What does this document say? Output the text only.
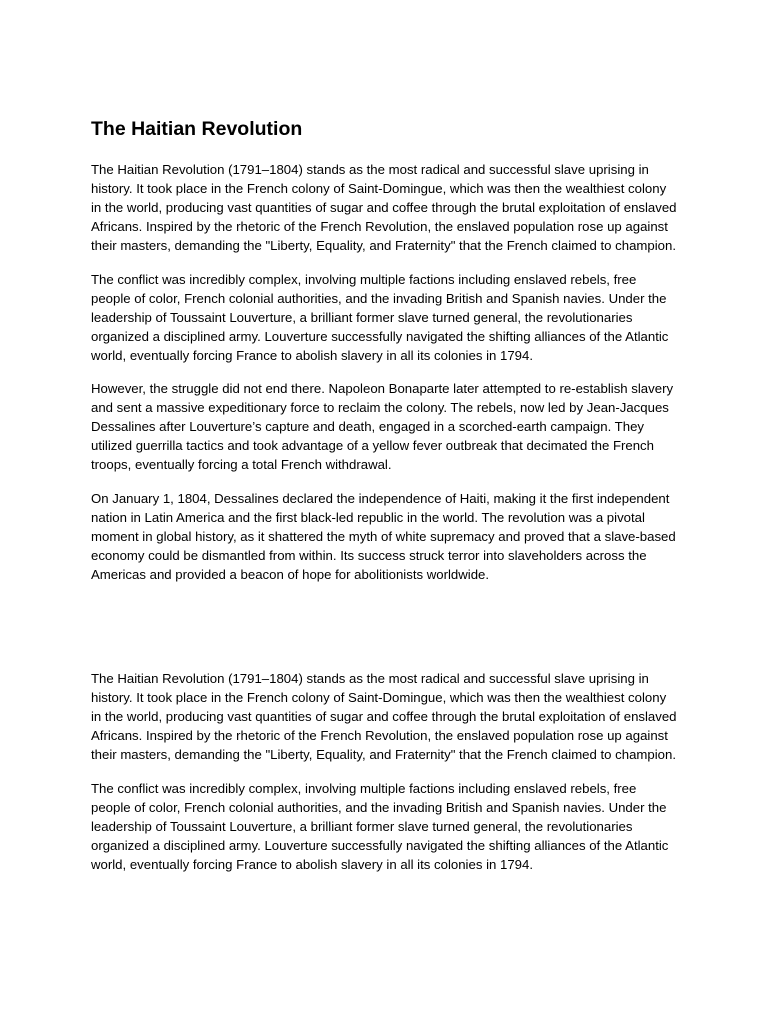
The Haitian Revolution

The Haitian Revolution (1791–1804) stands as the most radical and successful slave uprising in history. It took place in the French colony of Saint-Domingue, which was then the wealthiest colony in the world, producing vast quantities of sugar and coffee through the brutal exploitation of enslaved Africans. Inspired by the rhetoric of the French Revolution, the enslaved population rose up against their masters, demanding the "Liberty, Equality, and Fraternity" that the French claimed to champion.

The conflict was incredibly complex, involving multiple factions including enslaved rebels, free people of color, French colonial authorities, and the invading British and Spanish navies. Under the leadership of Toussaint Louverture, a brilliant former slave turned general, the revolutionaries organized a disciplined army. Louverture successfully navigated the shifting alliances of the Atlantic world, eventually forcing France to abolish slavery in all its colonies in 1794.

However, the struggle did not end there. Napoleon Bonaparte later attempted to re-establish slavery and sent a massive expeditionary force to reclaim the colony. The rebels, now led by Jean-Jacques Dessalines after Louverture’s capture and death, engaged in a scorched-earth campaign. They utilized guerrilla tactics and took advantage of a yellow fever outbreak that decimated the French troops, eventually forcing a total French withdrawal.

On January 1, 1804, Dessalines declared the independence of Haiti, making it the first independent nation in Latin America and the first black-led republic in the world. The revolution was a pivotal moment in global history, as it shattered the myth of white supremacy and proved that a slave-based economy could be dismantled from within. Its success struck terror into slaveholders across the Americas and provided a beacon of hope for abolitionists worldwide.

The Haitian Revolution (1791–1804) stands as the most radical and successful slave uprising in history. It took place in the French colony of Saint-Domingue, which was then the wealthiest colony in the world, producing vast quantities of sugar and coffee through the brutal exploitation of enslaved Africans. Inspired by the rhetoric of the French Revolution, the enslaved population rose up against their masters, demanding the "Liberty, Equality, and Fraternity" that the French claimed to champion.

The conflict was incredibly complex, involving multiple factions including enslaved rebels, free people of color, French colonial authorities, and the invading British and Spanish navies. Under the leadership of Toussaint Louverture, a brilliant former slave turned general, the revolutionaries organized a disciplined army. Louverture successfully navigated the shifting alliances of the Atlantic world, eventually forcing France to abolish slavery in all its colonies in 1794.
